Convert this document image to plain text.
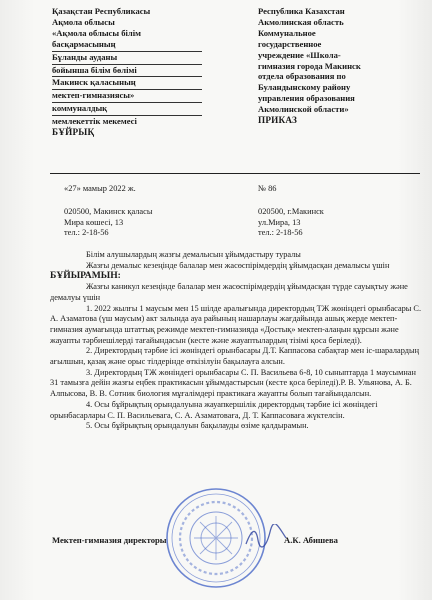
Қазақстан Республикасы
Ақмола облысы
«Ақмола облысы білім
басқармасының
Бұланды ауданы
бойынша білім бөлімі
Макинск қаласының
мектеп-гимназиясы»
коммуналдық
мемлекеттік мекемесі
БҰЙРЫҚ
Республика Казахстан
Акмолинская область
Коммунальное
государственное
учреждение «Школа-
гимназия города Макинск
отдела образования по
Буландынскому району
управления образования
Акмолинской области»
ПРИКАЗ
«27» мамыр 2022 ж.	№ 86
020500, Макинск қаласы
Мира көшесі, 13
тел.: 2-18-56
020500, г.Макинск
ул.Мира, 13
тел.: 2-18-56

Білім алушылардың жазғы демалысын ұйымдастыру туралы

Жазғы демалыс кезеңінде балалар мен жасөспірімдердің ұйымдасқан демалысы үшін

БҰЙЫРАМЫН:

Жазғы каникул кезеңінде балалар мен жасөспірімдердің ұйымдасқан түрде сауықтыу және демалуы үшін

1. 2022 жылғы 1 маусым мен 15 шілде аралығында директордың ТЖ жөніндегі орынбасары С. А. Азаматова (үш маусым) акт залында ауа райының нашарлауы жағдайында ашық жерде мектеп-гимназия аумағында штаттық режимде мектеп-гимназияда «Достық» мектеп-алаңын құрсын және жауапты тәрбиешілерді тағайындасын (кестe және жауаптылардың тізімі қоса беріледі).

2. Директордың тәрбие ісі жөніндегі орынбасары Д.Т. Каппасова сабақтар мен іс-шаралардың ағылшын, қазақ және орыс тілдерінде өткізілуін бақылауға алсын.

3. Директордың ТЖ жөніндегі орынбасары С. П. Васильева 6-8, 10 сыныптарда 1 маусымнан 31 тамызға дейін жазғы еңбек практикасын ұйымдастырсын (кестe қоса беріледі).Р. В. Ульянова, А. Б. Алпысова, В. В. Сотник биология мұғалімдері практикаға жауапты болып тағайындалсын.

4. Осы бұйрықтың орындалуына жауапкершілік директордың тәрбие ісі жөніндегі орынбасарлары С. П. Васильевага, С. А. Азаматоваға, Д. Т. Каппасоваға жүктелсін.

5. Осы бұйрықтың орындалуын бақылауды өзіме қалдырамын.

Мектеп-гимназия директоры	А.К. Абишева
